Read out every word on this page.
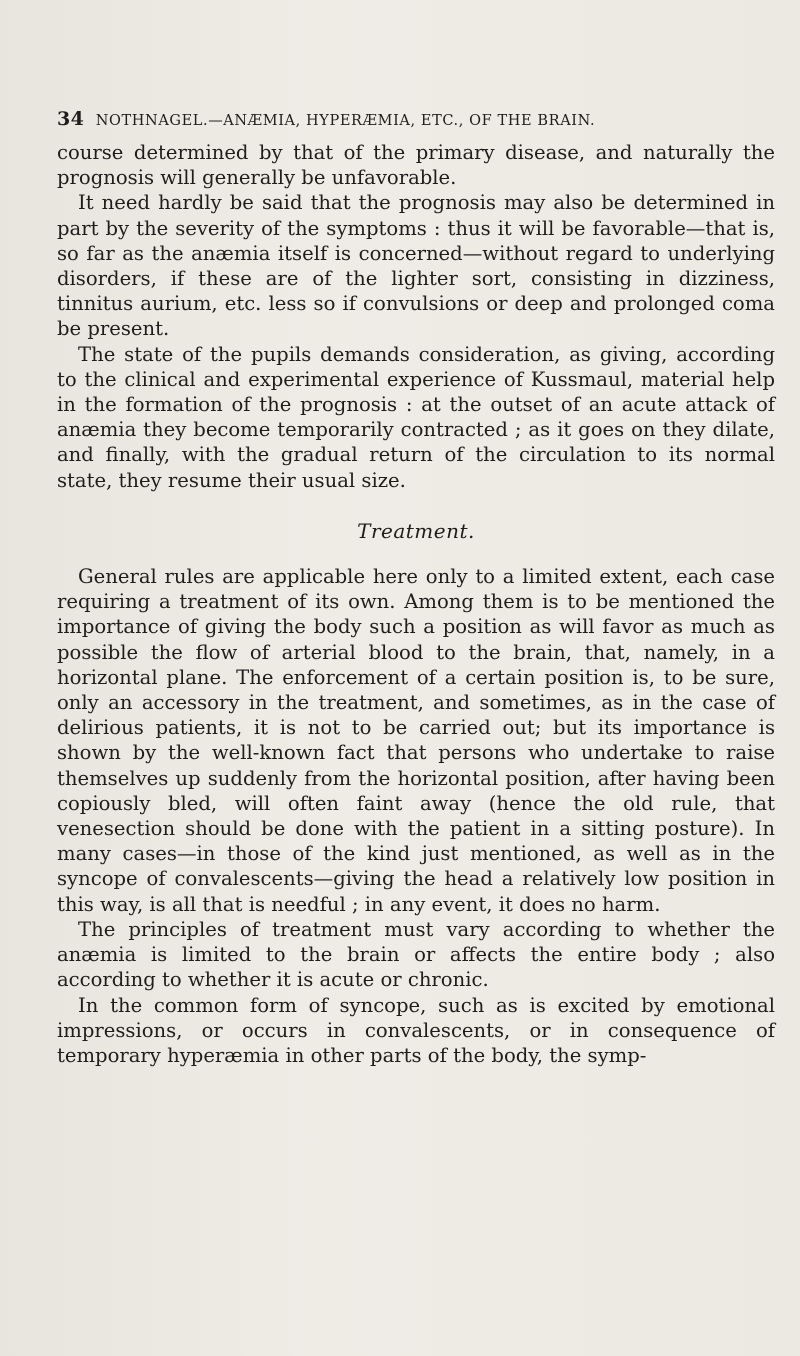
34 NOTHNAGEL.—ANÆMIA, HYPERÆMIA, ETC., OF THE BRAIN.

course determined by that of the primary disease, and naturally the prognosis will generally be unfavorable.

It need hardly be said that the prognosis may also be determined in part by the severity of the symptoms : thus it will be favorable—that is, so far as the anæmia itself is concerned—without regard to underlying disorders, if these are of the lighter sort, consisting in dizziness, tinnitus aurium, etc. less so if convulsions or deep and prolonged coma be present.

The state of the pupils demands consideration, as giving, according to the clinical and experimental experience of Kussmaul, material help in the formation of the prognosis : at the outset of an acute attack of anæmia they become temporarily contracted ; as it goes on they dilate, and finally, with the gradual return of the circulation to its normal state, they resume their usual size.

Treatment.

General rules are applicable here only to a limited extent, each case requiring a treatment of its own. Among them is to be mentioned the importance of giving the body such a position as will favor as much as possible the flow of arterial blood to the brain, that, namely, in a horizontal plane. The enforcement of a certain position is, to be sure, only an accessory in the treatment, and sometimes, as in the case of delirious patients, it is not to be carried out; but its importance is shown by the well-known fact that persons who undertake to raise themselves up suddenly from the horizontal position, after having been copiously bled, will often faint away (hence the old rule, that venesection should be done with the patient in a sitting posture). In many cases—in those of the kind just mentioned, as well as in the syncope of convalescents—giving the head a relatively low position in this way, is all that is needful ; in any event, it does no harm.

The principles of treatment must vary according to whether the anæmia is limited to the brain or affects the entire body ; also according to whether it is acute or chronic.

In the common form of syncope, such as is excited by emotional impressions, or occurs in convalescents, or in consequence of temporary hyperæmia in other parts of the body, the symp-
